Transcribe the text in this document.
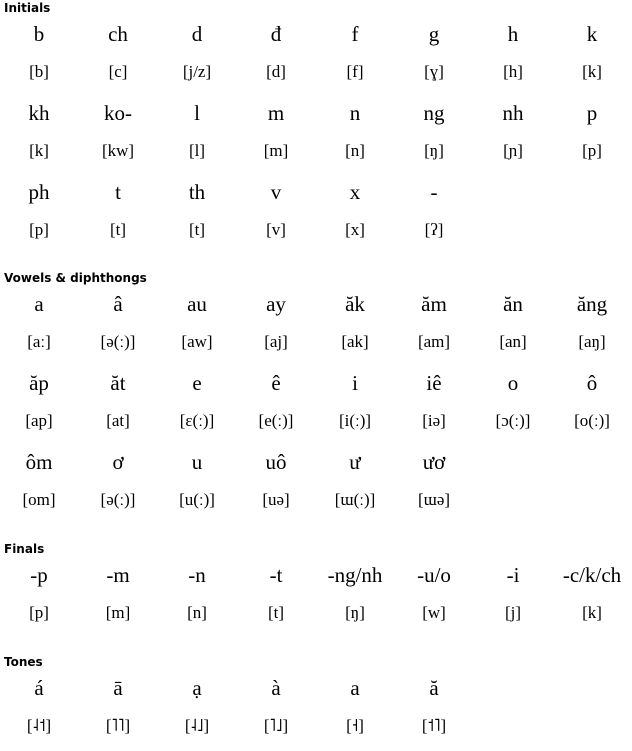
Initials
b	ch	d	đ	f	g	h	k
[b]	[c]	[j/z]	[d]	[f]	[ɣ]	[h]	[k]
kh	ko-	l	m	n	ng	nh	p
[k]	[kw]	[l]	[m]	[n]	[ŋ]	[ɲ]	[p]
ph	t	th	v	x	-
[p]	[t]	[t]	[v]	[x]	[ʔ]
Vowels & diphthongs
a	â	au	ay	ăk	ăm	ăn	ăng
[aː]	[ə(ː)]	[aw]	[aj]	[ak]	[am]	[an]	[aŋ]
ăp	ăt	e	ê	i	iê	o	ô
[ap]	[at]	[ɛ(ː)]	[e(ː)]	[i(ː)]	[iə]	[ɔ(ː)]	[o(ː)]
ôm	ơ	u	uô	ư	ươ
[om]	[ə(ː)]	[u(ː)]	[uə]	[ɯ(ː)]	[ɯə]
Finals
-p	-m	-n	-t	-ng/nh	-u/o	-i	-c/k/ch
[p]	[m]	[n]	[t]	[ŋ]	[w]	[j]	[k]
Tones
á	ā	ạ	à	a	ă
[˨˦]	[˥˥]	[˨˩]	[˥˩]	[˧]	[˦˥]
